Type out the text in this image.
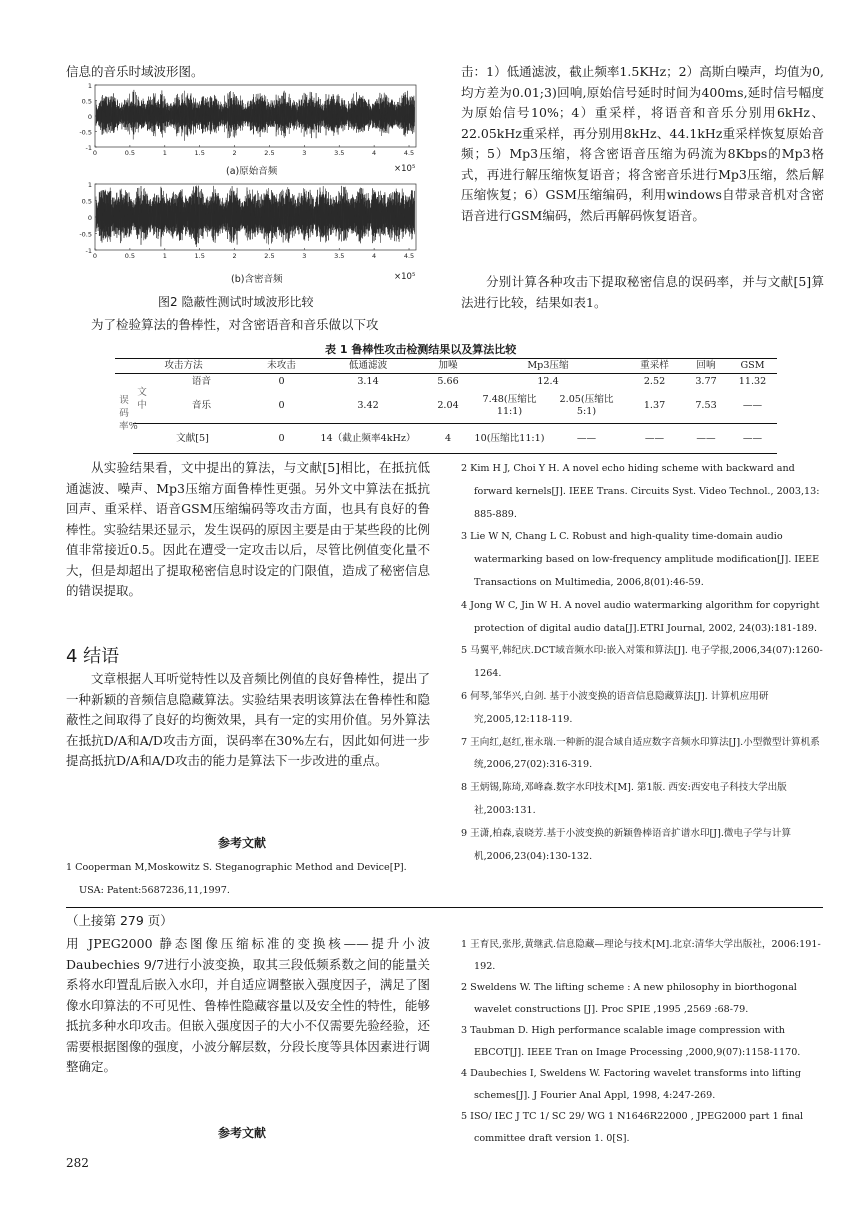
信息的音乐时域波形图。

1
0.5
0
-0.5
-1
0	0.5	1	1.5	2	2.5	3	3.5	4	4.5

(a)原始音频	×10⁵

1
0.5
0
-0.5
-1
0	0.5	1	1.5	2	2.5	3	3.5	4	4.5

(b)含密音频	×10⁵

图2 隐蔽性测试时域波形比较

为了检验算法的鲁棒性，对含密语音和音乐做以下攻

击：1）低通滤波，截止频率1.5KHz；2）高斯白噪声，均值为0,均方差为0.01;3)回响,原始信号延时时间为400ms,延时信号幅度为原始信号10%；4）重采样，将语音和音乐分别用6kHz、22.05kHz重采样，再分别用8kHz、44.1kHz重采样恢复原始音频；5）Mp3压缩，将含密语音压缩为码流为8Kbps的Mp3格式，再进行解压缩恢复语音；将含密音乐进行Mp3压缩，然后解压缩恢复；6）GSM压缩编码，利用windows自带录音机对含密语音进行GSM编码，然后再解码恢复语音。

分别计算各种攻击下提取秘密信息的误码率，并与文献[5]算法进行比较，结果如表1。

表 1 鲁棒性攻击检测结果以及算法比较

攻击方法			未攻击	低通滤波	加噪	Mp3压缩		重采样	回响	GSM

误码率%	文中	语音	0	3.14	5.66	12.4		2.52	3.77	11.32
		音乐	0	3.42	2.04	7.48(压缩比11:1)	2.05(压缩比5:1)	1.37	7.53	——
	文献[5]		0	14（截止频率4kHz）	4	10(压缩比11:1)	——	——	——	——

从实验结果看，文中提出的算法，与文献[5]相比，在抵抗低通滤波、噪声、Mp3压缩方面鲁棒性更强。另外文中算法在抵抗回声、重采样、语音GSM压缩编码等攻击方面，也具有良好的鲁棒性。实验结果还显示，发生误码的原因主要是由于某些段的比例值非常接近0.5。因此在遭受一定攻击以后，尽管比例值变化量不大，但是却超出了提取秘密信息时设定的门限值，造成了秘密信息的错误提取。

4 结语

文章根据人耳听觉特性以及音频比例值的良好鲁棒性，提出了一种新颖的音频信息隐藏算法。实验结果表明该算法在鲁棒性和隐蔽性之间取得了良好的均衡效果，具有一定的实用价值。另外算法在抵抗D/A和A/D攻击方面，误码率在30%左右，因此如何进一步提高抵抗D/A和A/D攻击的能力是算法下一步改进的重点。

参考文献

1 Cooperman M,Moskowitz S. Steganographic Method and Device[P]. USA: Patent:5687236,11,1997.
2 Kim H J, Choi Y H. A novel echo hiding scheme with backward and forward kernels[J]. IEEE Trans. Circuits Syst. Video Technol., 2003,13: 885-889.
3 Lie W N, Chang L C. Robust and high-quality time-domain audio watermarking based on low-frequency amplitude modification[J]. IEEE Transactions on Multimedia, 2006,8(01):46-59.
4 Jong W C, Jin W H. A novel audio watermarking algorithm for copyright protection of digital audio data[J].ETRI Journal, 2002, 24(03):181-189.
5 马翼平,韩纪庆.DCT域音频水印:嵌入对策和算法[J]. 电子学报,2006,34(07):1260-1264.
6 何琴,邹华兴,白剑. 基于小波变换的语音信息隐藏算法[J]. 计算机应用研究,2005,12:118-119.
7 王向红,赵红,崔永瑞.一种新的混合域自适应数字音频水印算法[J].小型微型计算机系统,2006,27(02):316-319.
8 王炳锡,陈琦,邓峰森.数字水印技术[M]. 第1版. 西安:西安电子科技大学出版社,2003:131.
9 王潇,柏森,袁晓芳.基于小波变换的新颖鲁棒语音扩谱水印[J].微电子学与计算机,2006,23(04):130-132.

（上接第 279 页）

用 JPEG2000 静态图像压缩标准的变换核——提升小波Daubechies 9/7进行小波变换，取其三段低频系数之间的能量关系将水印置乱后嵌入水印，并自适应调整嵌入强度因子，满足了图像水印算法的不可见性、鲁棒性隐藏容量以及安全性的特性，能够抵抗多种水印攻击。但嵌入强度因子的大小不仅需要先验经验，还需要根据图像的强度，小波分解层数，分段长度等具体因素进行调整确定。

参考文献

1 王育民,张彤,黄继武.信息隐藏—理论与技术[M].北京:清华大学出版社，2006:191-192.
2 Sweldens W. The lifting scheme : A new philosophy in biorthogonal wavelet constructions [J]. Proc SPIE ,1995 ,2569 :68-79.
3 Taubman D. High performance scalable image compression with EBCOT[J]. IEEE Tran on Image Processing ,2000,9(07):1158-1170.
4 Daubechies I, Sweldens W. Factoring wavelet transforms into lifting schemes[J]. J Fourier Anal Appl, 1998, 4:247-269.
5 ISO/ IEC J TC 1/ SC 29/ WG 1 N1646R22000 , JPEG2000 part 1 final committee draft version 1. 0[S].

282
